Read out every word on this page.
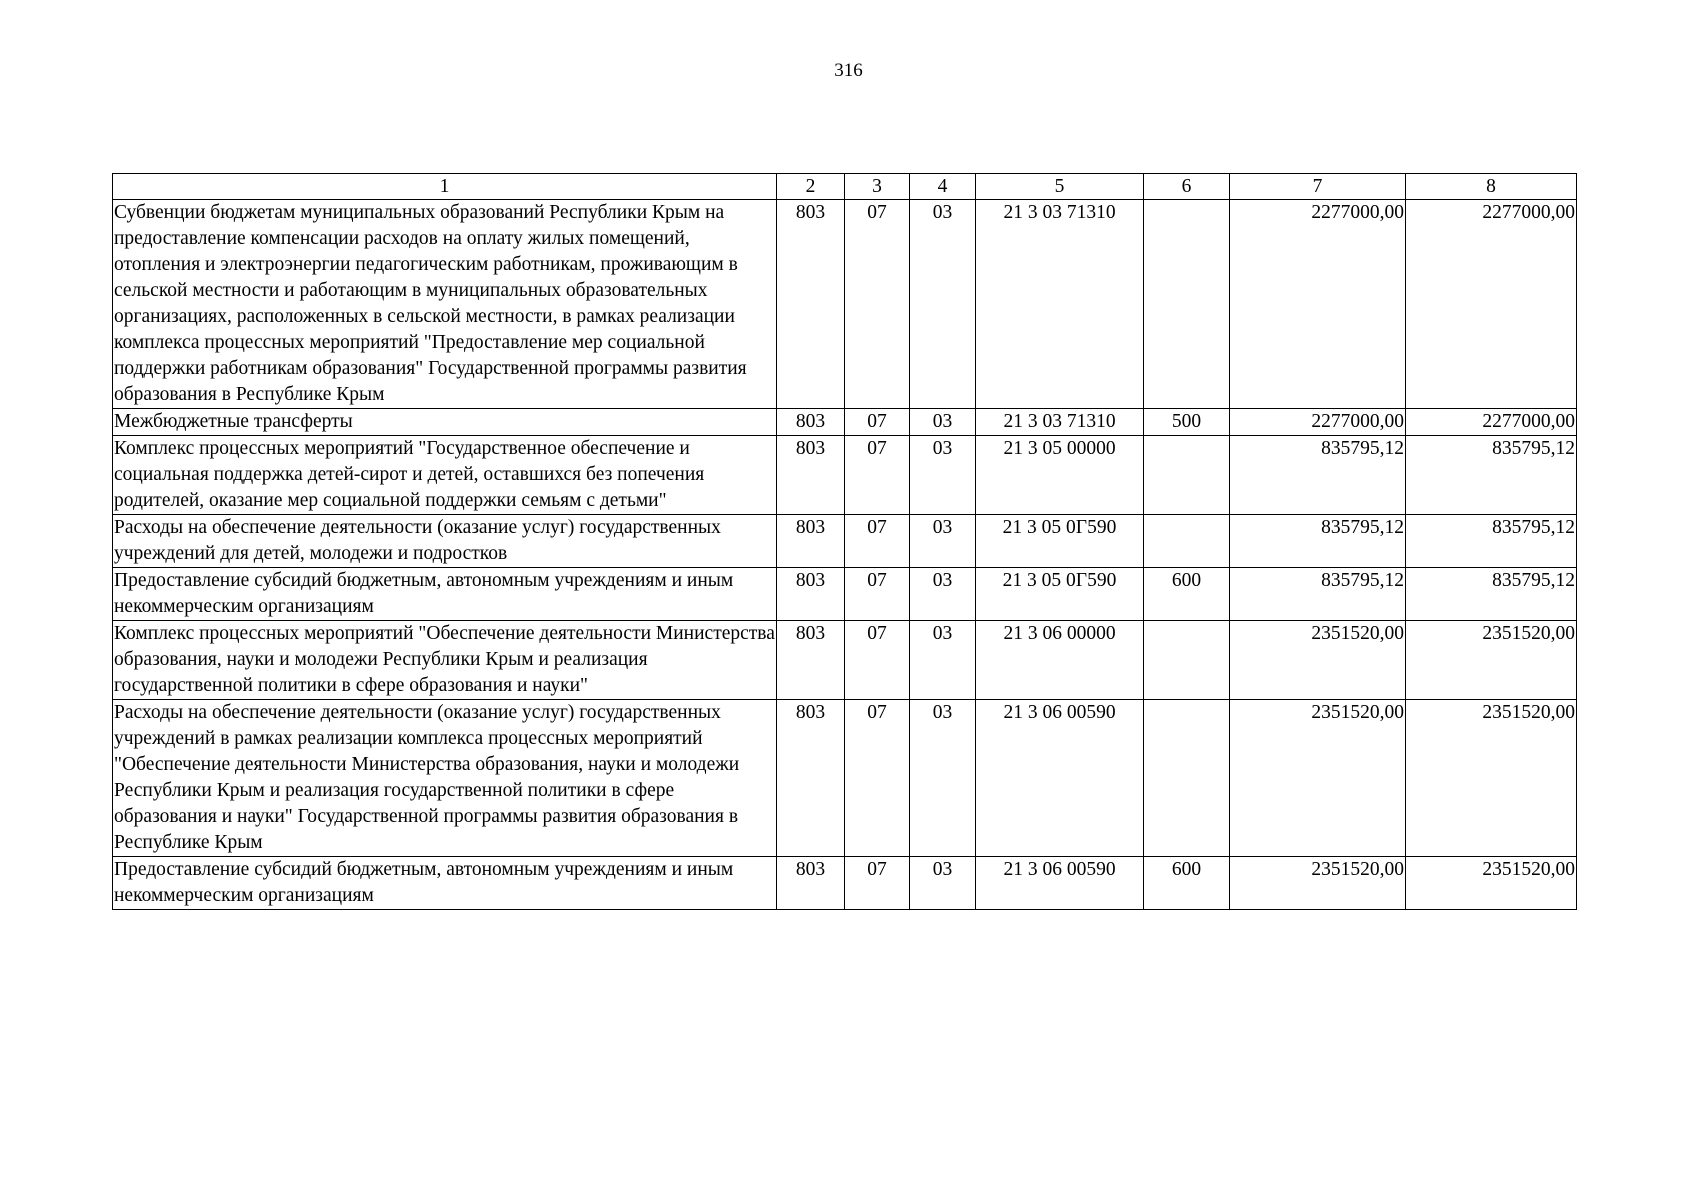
316
1	2	3	4	5	6	7	8
Субвенции бюджетам муниципальных образований Республики Крым на предоставление компенсации расходов на оплату жилых помещений, отопления и электроэнергии педагогическим работникам, проживающим в сельской местности и работающим в муниципальных образовательных организациях, расположенных в сельской местности, в рамках реализации комплекса процессных мероприятий "Предоставление мер социальной поддержки работникам образования" Государственной программы развития образования в Республике Крым	803	07	03	21 3 03 71310		2277000,00	2277000,00
Межбюджетные трансферты	803	07	03	21 3 03 71310	500	2277000,00	2277000,00
Комплекс процессных мероприятий "Государственное обеспечение и социальная поддержка детей-сирот и детей, оставшихся без попечения родителей, оказание мер социальной поддержки семьям с детьми"	803	07	03	21 3 05 00000		835795,12	835795,12
Расходы на обеспечение деятельности (оказание услуг) государственных учреждений для детей, молодежи и подростков	803	07	03	21 3 05 0Г590		835795,12	835795,12
Предоставление субсидий бюджетным, автономным учреждениям и иным некоммерческим организациям	803	07	03	21 3 05 0Г590	600	835795,12	835795,12
Комплекс процессных мероприятий "Обеспечение деятельности Министерства образования, науки и молодежи Республики Крым и реализация государственной политики в сфере образования и науки"	803	07	03	21 3 06 00000		2351520,00	2351520,00
Расходы на обеспечение деятельности (оказание услуг) государственных учреждений в рамках реализации комплекса процессных мероприятий "Обеспечение деятельности Министерства образования, науки и молодежи Республики Крым и реализация государственной политики в сфере образования и науки" Государственной программы развития образования в Республике Крым	803	07	03	21 3 06 00590		2351520,00	2351520,00
Предоставление субсидий бюджетным, автономным учреждениям и иным некоммерческим организациям	803	07	03	21 3 06 00590	600	2351520,00	2351520,00
